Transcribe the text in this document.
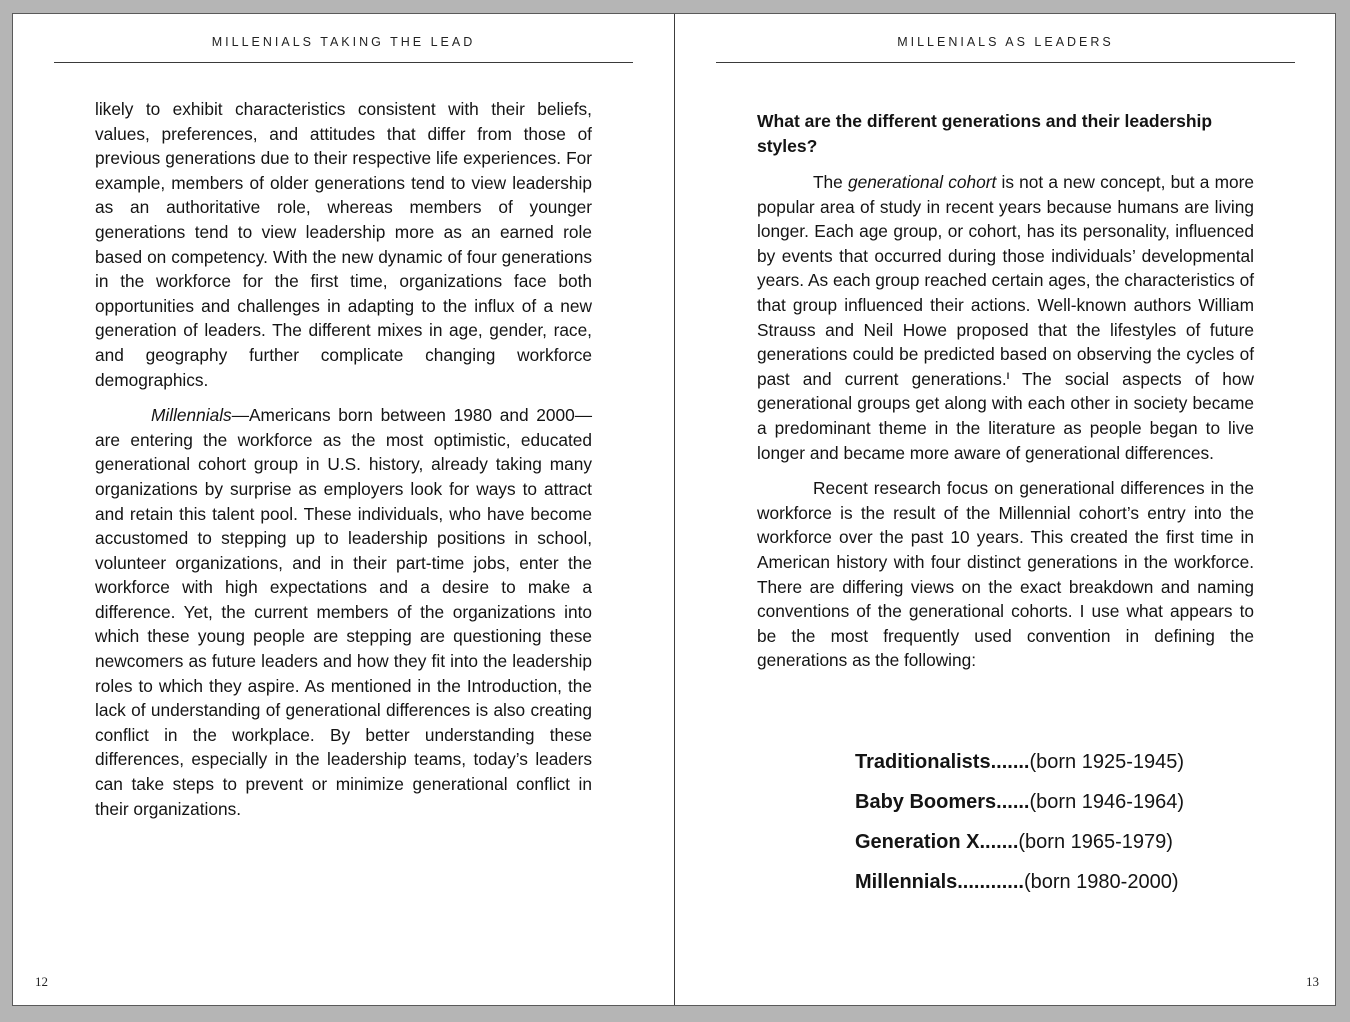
MILLENIALS TAKING THE LEAD

likely to exhibit characteristics consistent with their beliefs, values, preferences, and attitudes that differ from those of previous generations due to their respective life experiences. For example, members of older generations tend to view leadership as an authoritative role, whereas members of younger generations tend to view leadership more as an earned role based on competency. With the new dynamic of four generations in the workforce for the first time, organizations face both opportunities and challenges in adapting to the influx of a new generation of leaders. The different mixes in age, gender, race, and geography further complicate changing workforce demographics.

Millennials—Americans born between 1980 and 2000—are entering the workforce as the most optimistic, educated generational cohort group in U.S. history, already taking many organizations by surprise as employers look for ways to attract and retain this talent pool. These individuals, who have become accustomed to stepping up to leadership positions in school, volunteer organizations, and in their part-time jobs, enter the workforce with high expectations and a desire to make a difference. Yet, the current members of the organizations into which these young people are stepping are questioning these newcomers as future leaders and how they fit into the leadership roles to which they aspire. As mentioned in the Introduction, the lack of understanding of generational differences is also creating conflict in the workplace. By better understanding these differences, especially in the leadership teams, today’s leaders can take steps to prevent or minimize generational conflict in their organizations.

12
MILLENIALS AS LEADERS
What are the different generations and their leadership styles?

The generational cohort is not a new concept, but a more popular area of study in recent years because humans are living longer. Each age group, or cohort, has its personality, influenced by events that occurred during those individuals’ developmental years. As each group reached certain ages, the characteristics of that group influenced their actions. Well-known authors William Strauss and Neil Howe proposed that the lifestyles of future generations could be predicted based on observing the cycles of past and current generations.$^I$ The social aspects of how generational groups get along with each other in society became a predominant theme in the literature as people began to live longer and became more aware of generational differences.

Recent research focus on generational differences in the workforce is the result of the Millennial cohort’s entry into the workforce over the past 10 years. This created the first time in American history with four distinct generations in the workforce. There are differing views on the exact breakdown and naming conventions of the generational cohorts. I use what appears to be the most frequently used convention in defining the generations as the following:

Traditionalists.......(born 1925-1945)
Baby Boomers......(born 1946-1964)
Generation X.......(born 1965-1979)
Millennials............(born 1980-2000)
13
